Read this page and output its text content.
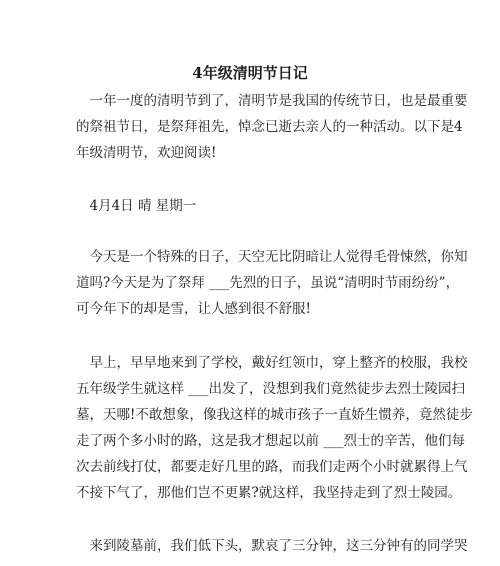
4年级清明节日记
　一年一度的清明节到了，清明节是我国的传统节日，也是最重要
的祭祖节日，是祭拜祖先，悼念已逝去亲人的一种活动。以下是4
年级清明节，欢迎阅读!
　4月4日 晴 星期一
　今天是一个特殊的日子，天空无比阴暗让人觉得毛骨悚然，你知
道吗?今天是为了祭拜 ___先烈的日子，虽说“清明时节雨纷纷”，
可今年下的却是雪，让人感到很不舒服!
　早上，早早地来到了学校，戴好红领巾，穿上整齐的校服，我校
五年级学生就这样 ___出发了，没想到我们竟然徒步去烈士陵园扫
墓，天哪!不敢想象，像我这样的城市孩子一直娇生惯养，竟然徒步
走了两个多小时的路，这是我才想起以前 ___烈士的辛苦，他们每
次去前线打仗，都要走好几里的路，而我们走两个小时就累得上气
不接下气了，那他们岂不更累?就这样，我坚持走到了烈士陵园。
　来到陵墓前，我们低下头，默哀了三分钟，这三分钟有的同学哭
